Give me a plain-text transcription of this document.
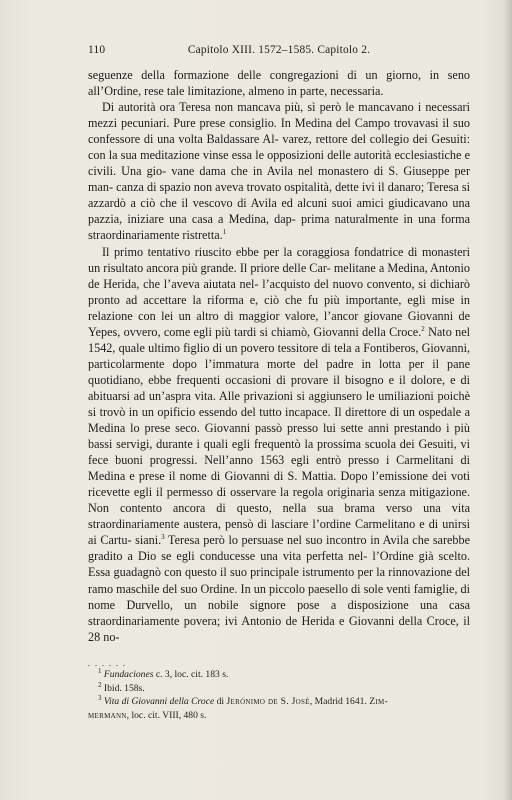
110	Capitolo XIII. 1572–1585. Capitolo 2.

seguenze della formazione delle congregazioni di un giorno, in seno all’Ordine, rese tale limitazione, almeno in parte, necessaria.

Di autorità ora Teresa non mancava più, sì però le mancavano i necessari mezzi pecuniari. Pure prese consiglio. In Medina del Campo trovavasi il suo confessore di una volta Baldassare Al- varez, rettore del collegio dei Gesuiti: con la sua meditazione vinse essa le opposizioni delle autorità ecclesiastiche e civili. Una gio- vane dama che in Avila nel monastero di S. Giuseppe per man- canza di spazio non aveva trovato ospitalità, dette ivi il danaro; Teresa si azzardò a ciò che il vescovo di Avila ed alcuni suoi amici giudicavano una pazzia, iniziare una casa a Medina, dap- prima naturalmente in una forma straordinariamente ristretta.$^1$

Il primo tentativo riuscito ebbe per la coraggiosa fondatrice di monasteri un risultato ancora più grande. Il priore delle Car- melitane a Medina, Antonio de Herida, che l’aveva aiutata nel- l’acquisto del nuovo convento, si dichiarò pronto ad accettare la riforma e, ciò che fu più importante, egli mise in relazione con lei un altro di maggior valore, l’ancor giovane Giovanni de Yepes, ovvero, come egli più tardi si chiamò, Giovanni della Croce.$^2$ Nato nel 1542, quale ultimo figlio di un povero tessitore di tela a Fontiberos, Giovanni, particolarmente dopo l’immatura morte del padre in lotta per il pane quotidiano, ebbe frequenti occasioni di provare il bisogno e il dolore, e di abituarsi ad un’aspra vita. Alle privazioni si aggiunsero le umiliazioni poichè si trovò in un opificio essendo del tutto incapace. Il direttore di un ospedale a Medina lo prese seco. Giovanni passò presso lui sette anni prestando i più bassi servigi, durante i quali egli frequentò la prossima scuola dei Gesuiti, vi fece buoni progressi. Nell’anno 1563 egli entrò presso i Carmelitani di Medina e prese il nome di Giovanni di S. Mattia. Dopo l’emissione dei voti ricevette egli il permesso di osservare la regola originaria senza mitigazione. Non contento ancora di questo, nella sua brama verso una vita straordinariamente austera, pensò di lasciare l’ordine Carmelitano e di unirsi ai Cartu- siani.$^3$ Teresa però lo persuase nel suo incontro in Avila che sarebbe gradito a Dio se egli conducesse una vita perfetta nel- l’Ordine già scelto. Essa guadagnò con questo il suo principale istrumento per la rinnovazione del ramo maschile del suo Ordine. In un piccolo paesello di sole venti famiglie, di nome Durvello, un nobile signore pose a disposizione una casa straordinariamente povera; ivi Antonio de Herida e Giovanni della Croce, il 28 no-

$^1$ Fundaciones c. 3, loc. cit. 183 s.

$^2$ Ibid. 158s.

$^3$ Vita di Giovanni della Croce di Jerónimo de S. José, Madrid 1641. Zim-
mermann, loc. cit. VIII, 480 s.
